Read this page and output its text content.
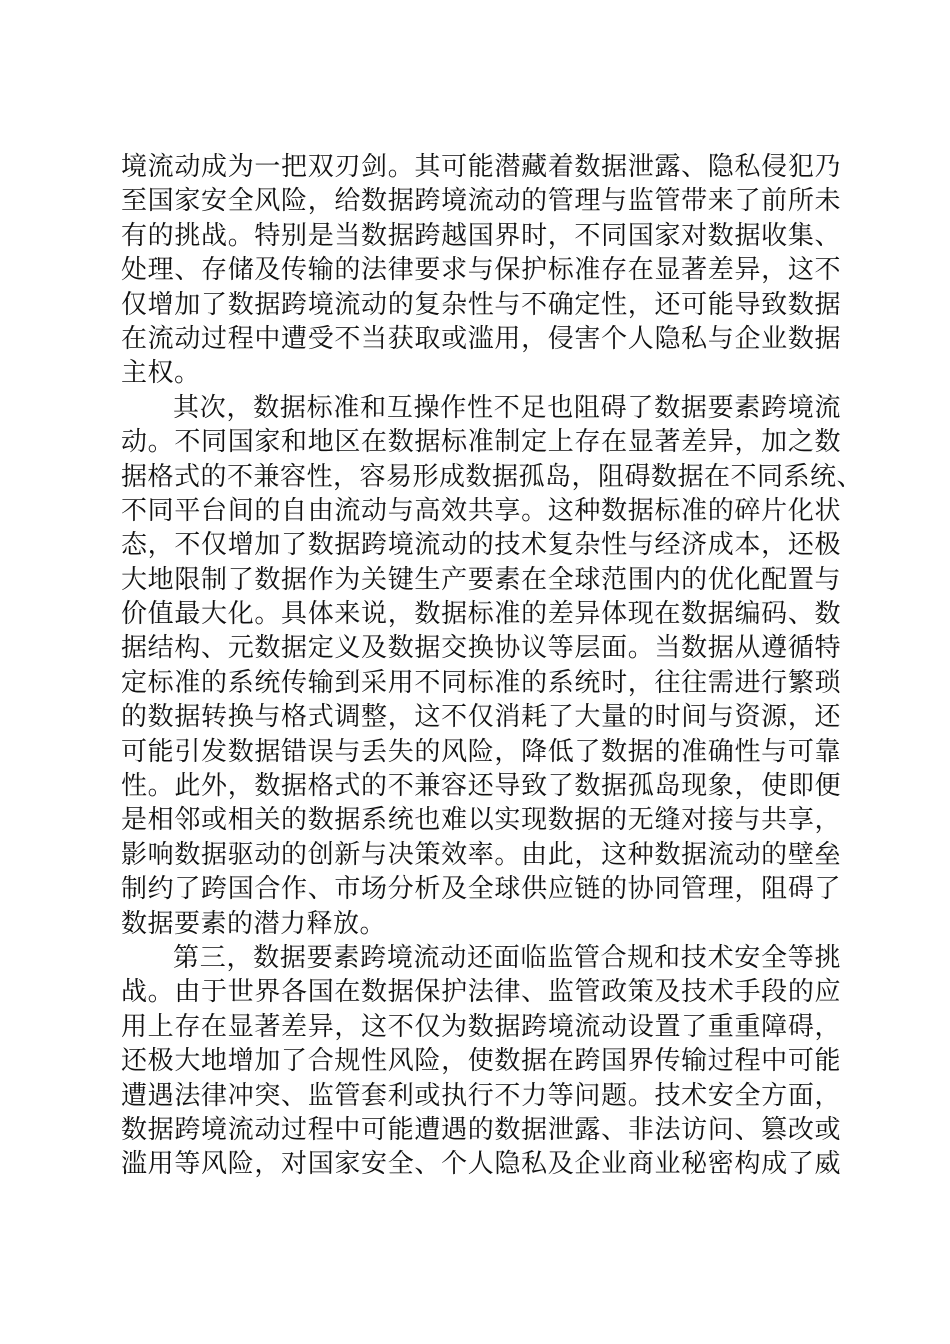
境流动成为一把双刃剑。其可能潜藏着数据泄露、隐私侵犯乃
至国家安全风险，给数据跨境流动的管理与监管带来了前所未
有的挑战。特别是当数据跨越国界时，不同国家对数据收集、
处理、存储及传输的法律要求与保护标准存在显著差异，这不
仅增加了数据跨境流动的复杂性与不确定性，还可能导致数据
在流动过程中遭受不当获取或滥用，侵害个人隐私与企业数据
主权。
其次，数据标准和互操作性不足也阻碍了数据要素跨境流
动。不同国家和地区在数据标准制定上存在显著差异，加之数
据格式的不兼容性，容易形成数据孤岛，阻碍数据在不同系统、
不同平台间的自由流动与高效共享。这种数据标准的碎片化状
态，不仅增加了数据跨境流动的技术复杂性与经济成本，还极
大地限制了数据作为关键生产要素在全球范围内的优化配置与
价值最大化。具体来说，数据标准的差异体现在数据编码、数
据结构、元数据定义及数据交换协议等层面。当数据从遵循特
定标准的系统传输到采用不同标准的系统时，往往需进行繁琐
的数据转换与格式调整，这不仅消耗了大量的时间与资源，还
可能引发数据错误与丢失的风险，降低了数据的准确性与可靠
性。此外，数据格式的不兼容还导致了数据孤岛现象，使即便
是相邻或相关的数据系统也难以实现数据的无缝对接与共享，
影响数据驱动的创新与决策效率。由此，这种数据流动的壁垒
制约了跨国合作、市场分析及全球供应链的协同管理，阻碍了
数据要素的潜力释放。
第三，数据要素跨境流动还面临监管合规和技术安全等挑
战。由于世界各国在数据保护法律、监管政策及技术手段的应
用上存在显著差异，这不仅为数据跨境流动设置了重重障碍，
还极大地增加了合规性风险，使数据在跨国界传输过程中可能
遭遇法律冲突、监管套利或执行不力等问题。技术安全方面，
数据跨境流动过程中可能遭遇的数据泄露、非法访问、篡改或
滥用等风险，对国家安全、个人隐私及企业商业秘密构成了威
